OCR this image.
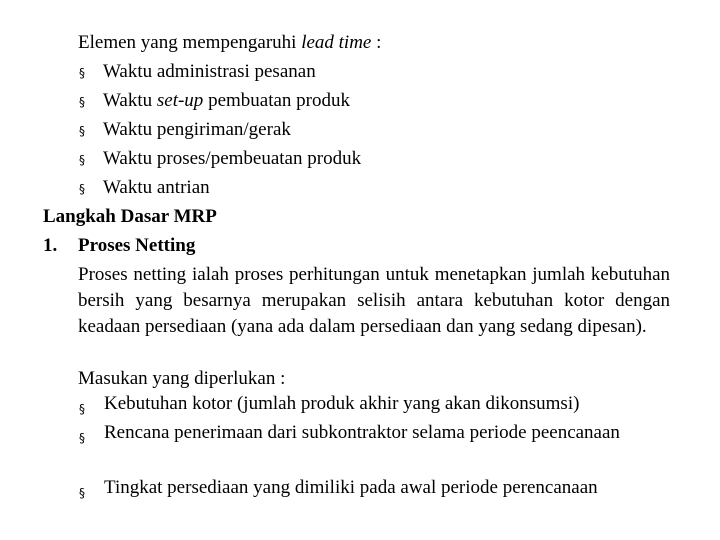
Elemen yang mempengaruhi lead time :
§ Waktu administrasi pesanan
§ Waktu set-up pembuatan produk
§ Waktu pengiriman/gerak
§ Waktu proses/pembeuatan produk
§ Waktu antrian
Langkah Dasar MRP
1. Proses Netting
Proses netting ialah proses perhitungan untuk menetapkan jumlah kebutuhan bersih yang besarnya merupakan selisih antara kebutuhan kotor dengan keadaan persediaan (yana ada dalam persediaan dan yang sedang dipesan).
Masukan yang diperlukan :
§ Kebutuhan kotor (jumlah produk akhir yang akan dikonsumsi)
§ Rencana penerimaan dari subkontraktor selama periode peencanaan
§ Tingkat persediaan yang dimiliki pada awal periode perencanaan
